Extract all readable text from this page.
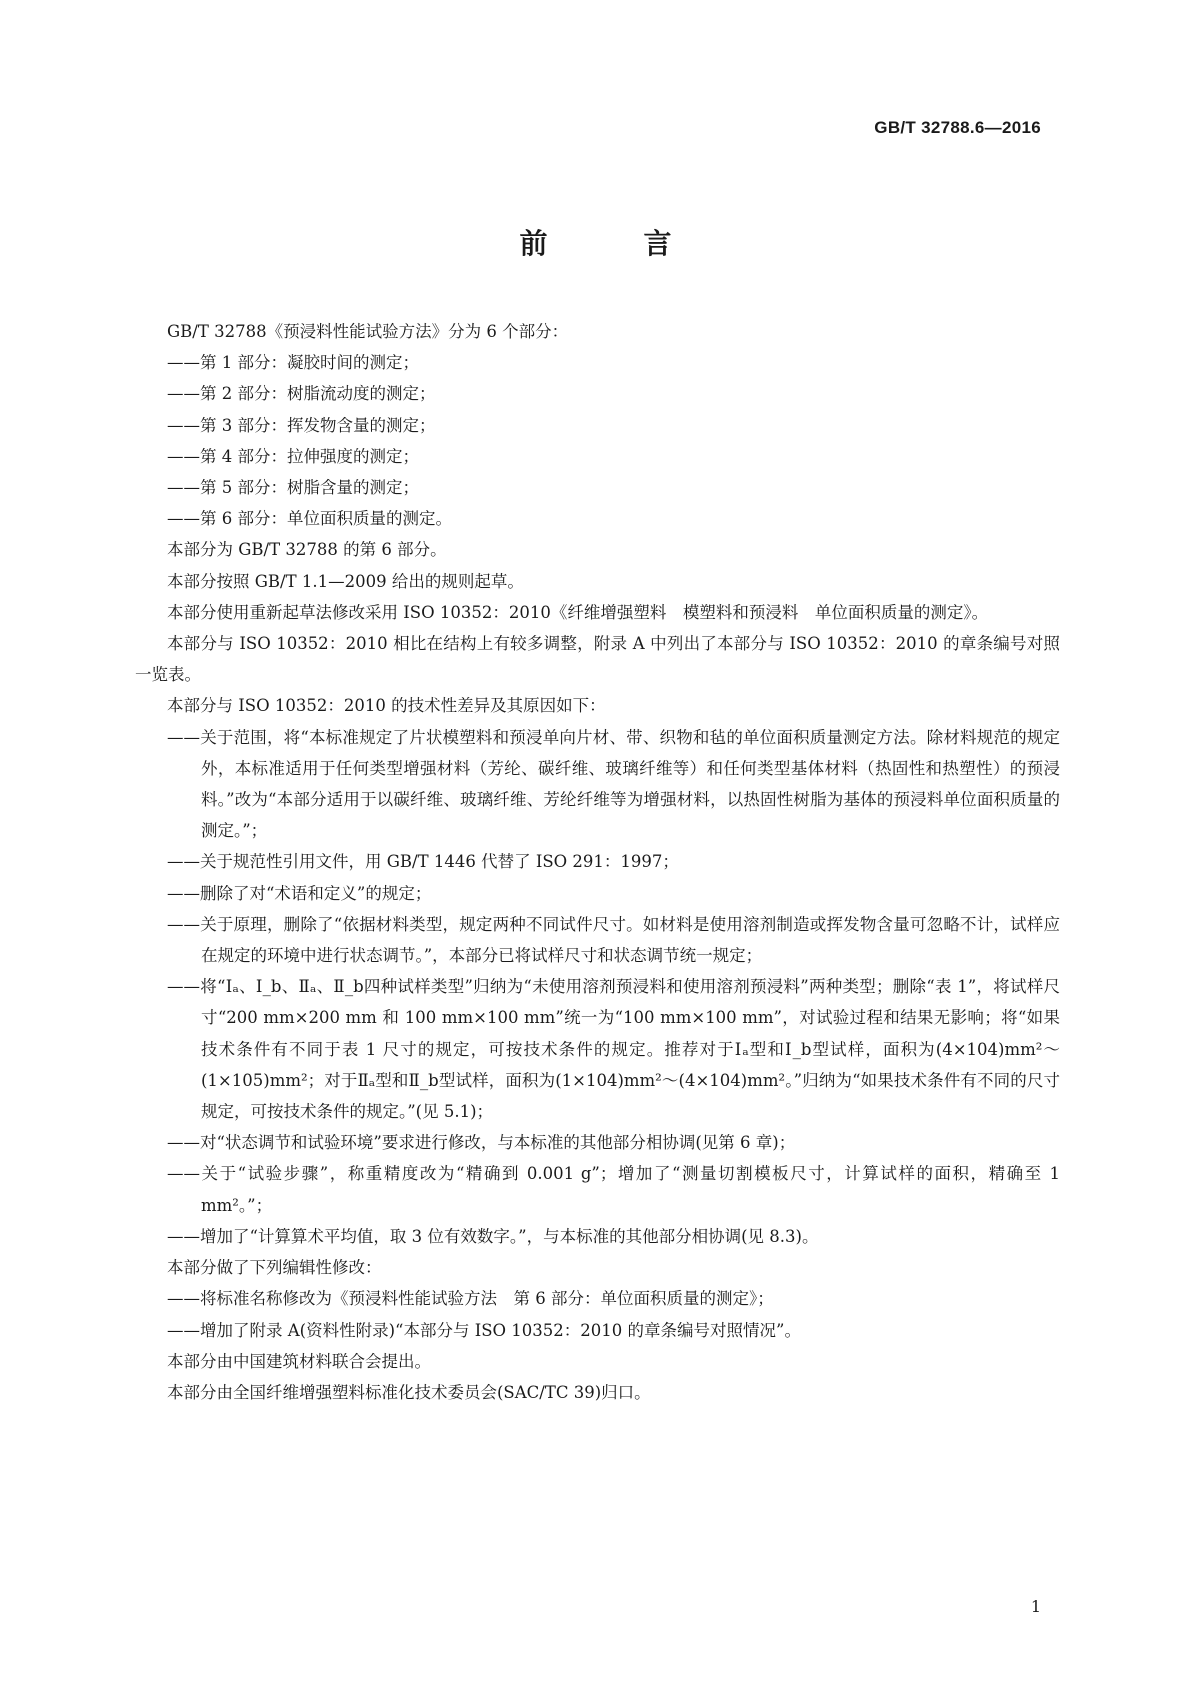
GB/T 32788.6—2016
前　言

GB/T 32788《预浸料性能试验方法》分为 6 个部分：

——第 1 部分：凝胶时间的测定；

——第 2 部分：树脂流动度的测定；

——第 3 部分：挥发物含量的测定；

——第 4 部分：拉伸强度的测定；

——第 5 部分：树脂含量的测定；

——第 6 部分：单位面积质量的测定。

本部分为 GB/T 32788 的第 6 部分。

本部分按照 GB/T 1.1—2009 给出的规则起草。

本部分使用重新起草法修改采用 ISO 10352：2010《纤维增强塑料　模塑料和预浸料　单位面积质量的测定》。

本部分与 ISO 10352：2010 相比在结构上有较多调整，附录 A 中列出了本部分与 ISO 10352：2010 的章条编号对照一览表。

本部分与 ISO 10352：2010 的技术性差异及其原因如下：

——关于范围，将“本标准规定了片状模塑料和预浸单向片材、带、织物和毡的单位面积质量测定方法。除材料规范的规定外，本标准适用于任何类型增强材料（芳纶、碳纤维、玻璃纤维等）和任何类型基体材料（热固性和热塑性）的预浸料。”改为“本部分适用于以碳纤维、玻璃纤维、芳纶纤维等为增强材料，以热固性树脂为基体的预浸料单位面积质量的测定。”；

——关于规范性引用文件，用 GB/T 1446 代替了 ISO 291：1997；

——删除了对“术语和定义”的规定；

——关于原理，删除了“依据材料类型，规定两种不同试件尺寸。如材料是使用溶剂制造或挥发物含量可忽略不计，试样应在规定的环境中进行状态调节。”，本部分已将试样尺寸和状态调节统一规定；

——将“Ⅰₐ、Ⅰ_b、Ⅱₐ、Ⅱ_b四种试样类型”归纳为“未使用溶剂预浸料和使用溶剂预浸料”两种类型；删除“表 1”，将试样尺寸“200 mm×200 mm 和 100 mm×100 mm”统一为“100 mm×100 mm”，对试验过程和结果无影响；将“如果技术条件有不同于表 1 尺寸的规定，可按技术条件的规定。推荐对于Ⅰₐ型和Ⅰ_b型试样，面积为(4×104)mm²～(1×105)mm²；对于Ⅱₐ型和Ⅱ_b型试样，面积为(1×104)mm²～(4×104)mm²。”归纳为“如果技术条件有不同的尺寸规定，可按技术条件的规定。”(见 5.1)；

——对“状态调节和试验环境”要求进行修改，与本标准的其他部分相协调(见第 6 章)；

——关于“试验步骤”，称重精度改为“精确到 0.001 g”；增加了“测量切割模板尺寸，计算试样的面积，精确至 1 mm²。”；

——增加了“计算算术平均值，取 3 位有效数字。”，与本标准的其他部分相协调(见 8.3)。

本部分做了下列编辑性修改：

——将标准名称修改为《预浸料性能试验方法　第 6 部分：单位面积质量的测定》；

——增加了附录 A(资料性附录)“本部分与 ISO 10352：2010 的章条编号对照情况”。

本部分由中国建筑材料联合会提出。

本部分由全国纤维增强塑料标准化技术委员会(SAC/TC 39)归口。

1
